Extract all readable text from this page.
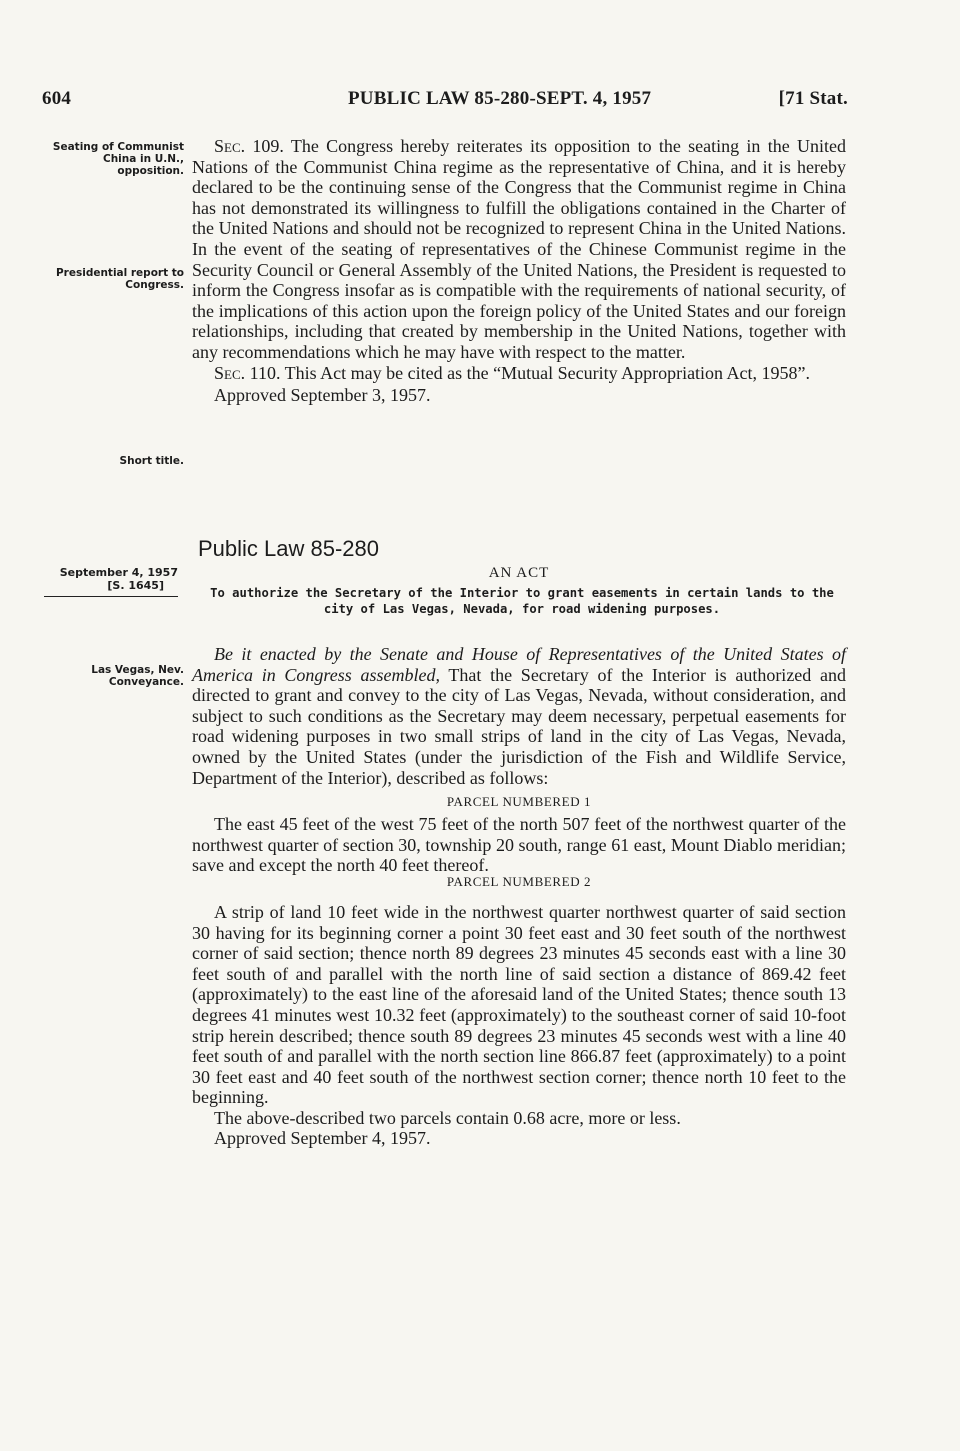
604	PUBLIC LAW 85-280-SEPT. 4, 1957	[71 Stat.
Seating of Communist China in U.N., opposition.
Presidential report to Congress.
Short title.
Las Vegas, Nev. Conveyance.

Sec. 109. The Congress hereby reiterates its opposition to the seating in the United Nations of the Communist China regime as the representative of China, and it is hereby declared to be the continuing sense of the Congress that the Communist regime in China has not demonstrated its willingness to fulfill the obligations contained in the Charter of the United Nations and should not be recognized to represent China in the United Nations. In the event of the seating of representatives of the Chinese Communist regime in the Security Council or General Assembly of the United Nations, the President is requested to inform the Congress insofar as is compatible with the requirements of national security, of the implications of this action upon the foreign policy of the United States and our foreign relationships, including that created by membership in the United Nations, together with any recommendations which he may have with respect to the matter.

Sec. 110. This Act may be cited as the “Mutual Security Appropriation Act, 1958”.

Approved September 3, 1957.

Public Law 85-280
September 4, 1957
[S. 1645]
AN ACT
To authorize the Secretary of the Interior to grant easements in certain lands to the city of Las Vegas, Nevada, for road widening purposes.

Be it enacted by the Senate and House of Representatives of the United States of America in Congress assembled, That the Secretary of the Interior is authorized and directed to grant and convey to the city of Las Vegas, Nevada, without consideration, and subject to such conditions as the Secretary may deem necessary, perpetual easements for road widening purposes in two small strips of land in the city of Las Vegas, Nevada, owned by the United States (under the jurisdiction of the Fish and Wildlife Service, Department of the Interior), described as follows:

PARCEL NUMBERED 1

The east 45 feet of the west 75 feet of the north 507 feet of the northwest quarter of the northwest quarter of section 30, township 20 south, range 61 east, Mount Diablo meridian; save and except the north 40 feet thereof.

PARCEL NUMBERED 2

A strip of land 10 feet wide in the northwest quarter northwest quarter of said section 30 having for its beginning corner a point 30 feet east and 30 feet south of the northwest corner of said section; thence north 89 degrees 23 minutes 45 seconds east with a line 30 feet south of and parallel with the north line of said section a distance of 869.42 feet (approximately) to the east line of the aforesaid land of the United States; thence south 13 degrees 41 minutes west 10.32 feet (approximately) to the southeast corner of said 10-foot strip herein described; thence south 89 degrees 23 minutes 45 seconds west with a line 40 feet south of and parallel with the north section line 866.87 feet (approximately) to a point 30 feet east and 40 feet south of the northwest section corner; thence north 10 feet to the beginning.

The above-described two parcels contain 0.68 acre, more or less.

Approved September 4, 1957.
